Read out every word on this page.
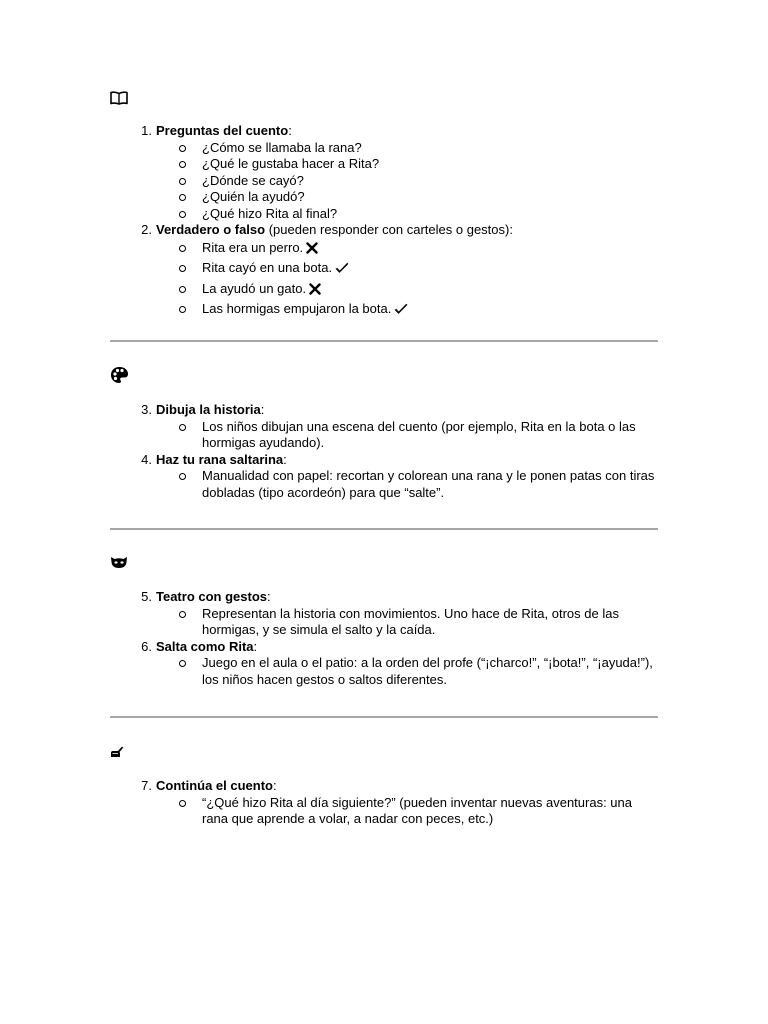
1. Preguntas del cuento:
¿Cómo se llamaba la rana?
¿Qué le gustaba hacer a Rita?
¿Dónde se cayó?
¿Quién la ayudó?
¿Qué hizo Rita al final?
2. Verdadero o falso (pueden responder con carteles o gestos):
Rita era un perro.
Rita cayó en una bota.
La ayudó un gato.
Las hormigas empujaron la bota.
3. Dibuja la historia:
Los niños dibujan una escena del cuento (por ejemplo, Rita en la bota o las hormigas ayudando).
4. Haz tu rana saltarina:
Manualidad con papel: recortan y colorean una rana y le ponen patas con tiras dobladas (tipo acordeón) para que “salte”.
5. Teatro con gestos:
Representan la historia con movimientos. Uno hace de Rita, otros de las hormigas, y se simula el salto y la caída.
6. Salta como Rita:
Juego en el aula o el patio: a la orden del profe (“¡charco!”, “¡bota!”, “¡ayuda!”), los niños hacen gestos o saltos diferentes.
7. Continúa el cuento:
“¿Qué hizo Rita al día siguiente?” (pueden inventar nuevas aventuras: una rana que aprende a volar, a nadar con peces, etc.)
